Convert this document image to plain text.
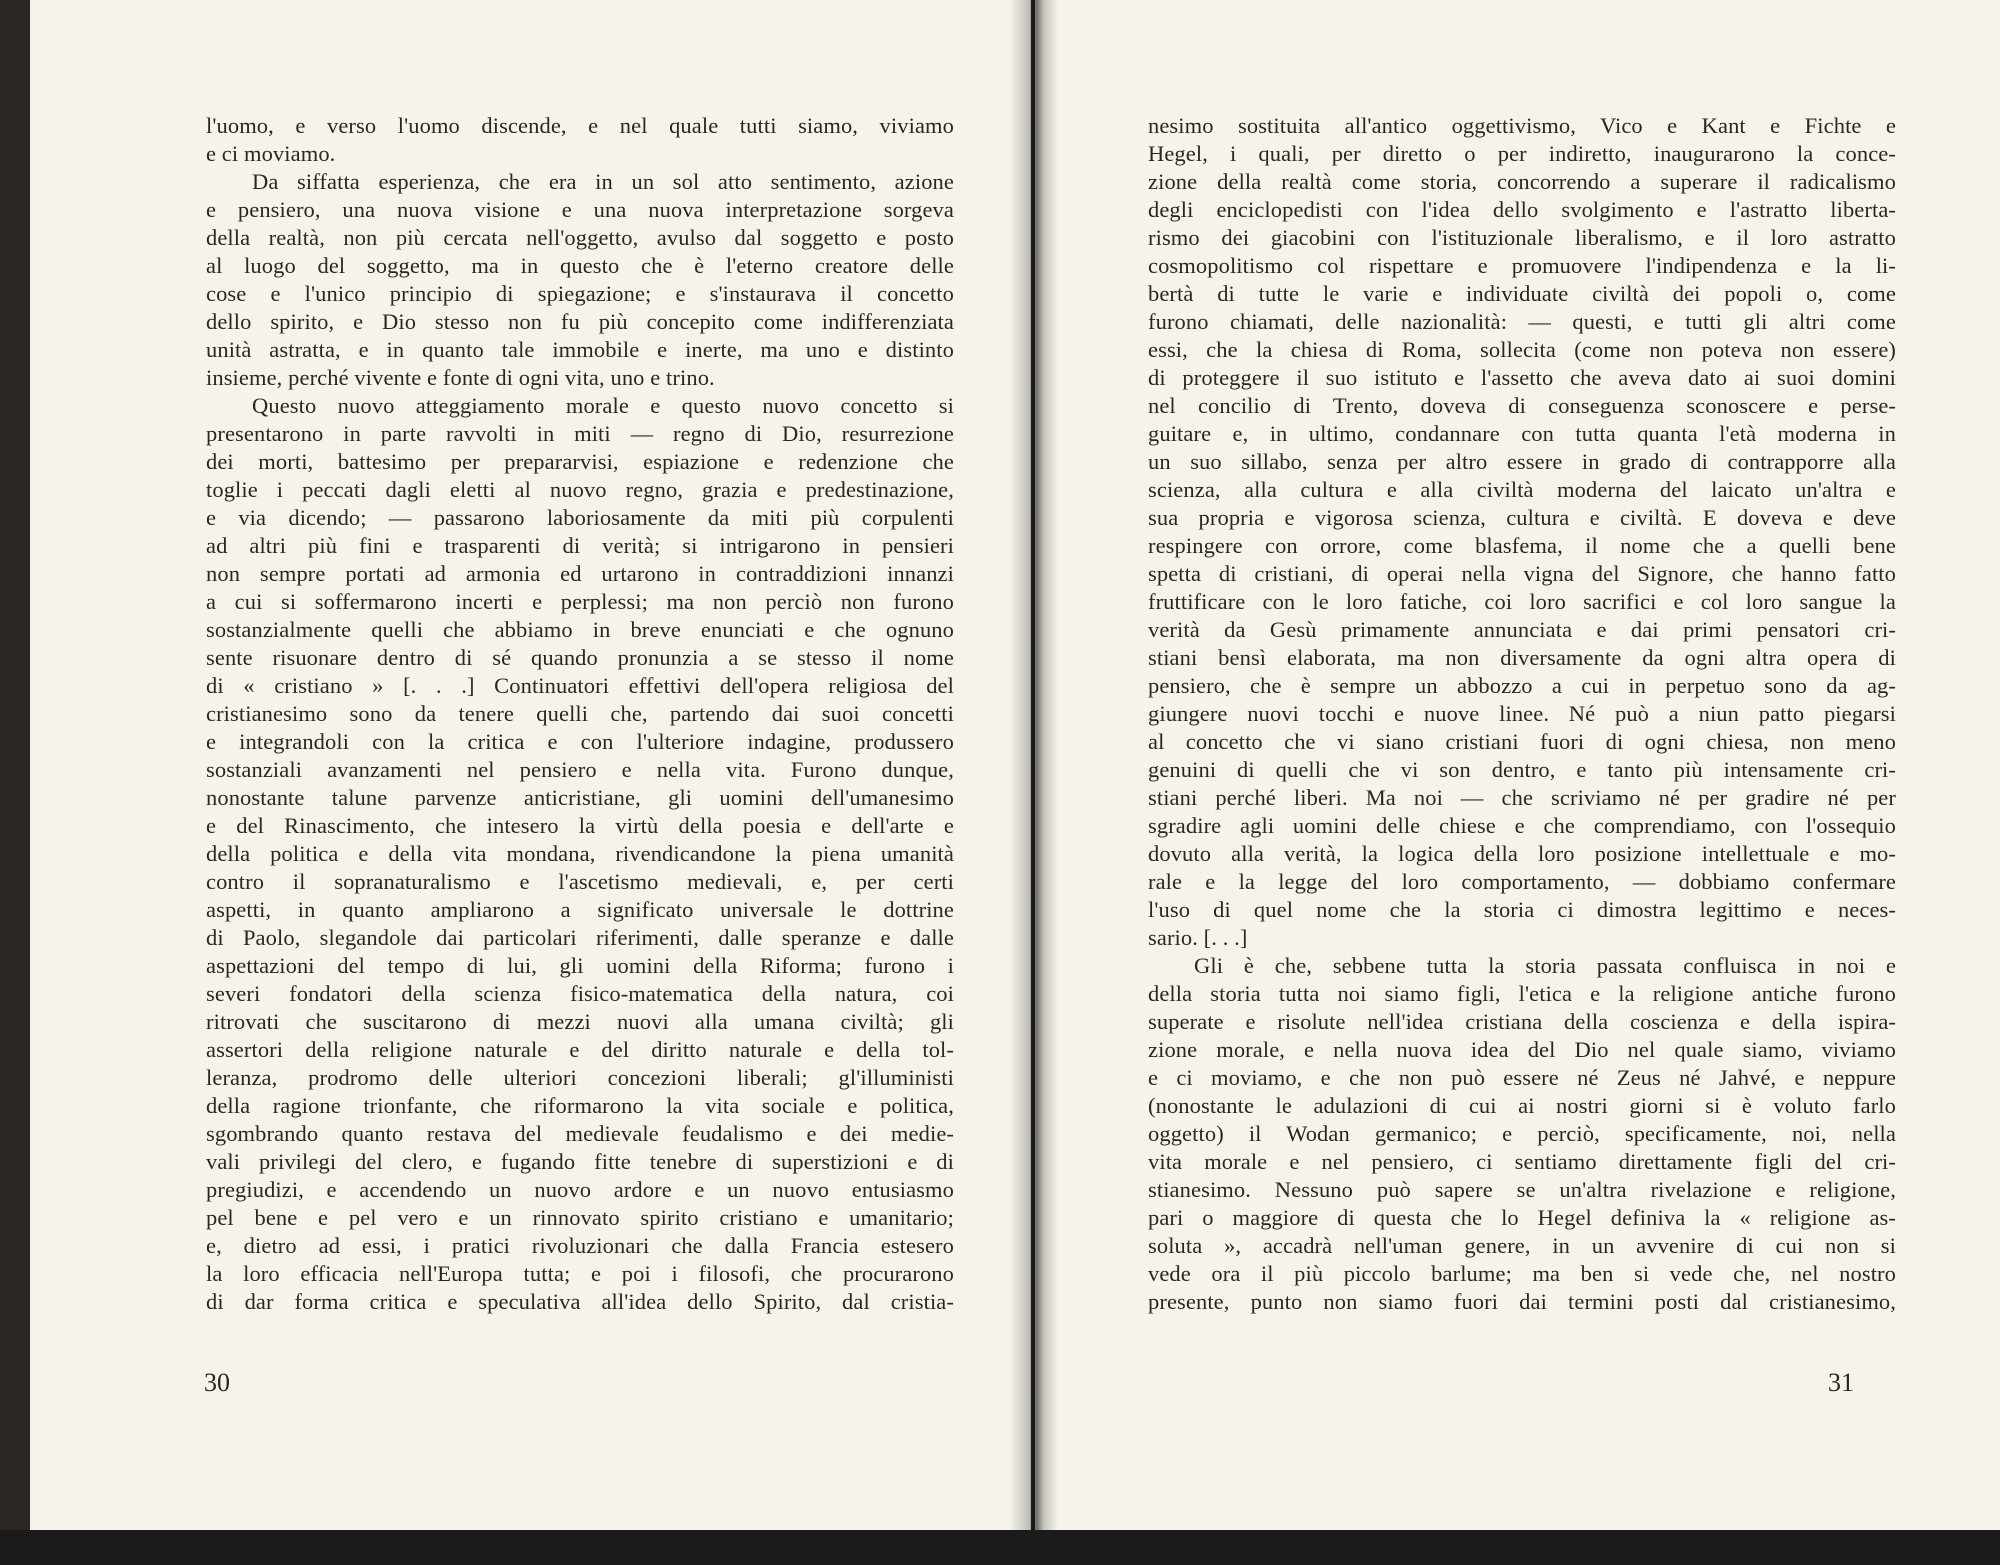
l'uomo, e verso l'uomo discende, e nel quale tutti siamo, viviamo
e ci moviamo.
Da siffatta esperienza, che era in un sol atto sentimento, azione
e pensiero, una nuova visione e una nuova interpretazione sorgeva
della realtà, non più cercata nell'oggetto, avulso dal soggetto e posto
al luogo del soggetto, ma in questo che è l'eterno creatore delle
cose e l'unico principio di spiegazione; e s'instaurava il concetto
dello spirito, e Dio stesso non fu più concepito come indifferenziata
unità astratta, e in quanto tale immobile e inerte, ma uno e distinto
insieme, perché vivente e fonte di ogni vita, uno e trino.
Questo nuovo atteggiamento morale e questo nuovo concetto si
presentarono in parte ravvolti in miti — regno di Dio, resurrezione
dei morti, battesimo per prepararvisi, espiazione e redenzione che
toglie i peccati dagli eletti al nuovo regno, grazia e predestinazione,
e via dicendo; — passarono laboriosamente da miti più corpulenti
ad altri più fini e trasparenti di verità; si intrigarono in pensieri
non sempre portati ad armonia ed urtarono in contraddizioni innanzi
a cui si soffermarono incerti e perplessi; ma non perciò non furono
sostanzialmente quelli che abbiamo in breve enunciati e che ognuno
sente risuonare dentro di sé quando pronunzia a se stesso il nome
di « cristiano » [. . .] Continuatori effettivi dell'opera religiosa del
cristianesimo sono da tenere quelli che, partendo dai suoi concetti
e integrandoli con la critica e con l'ulteriore indagine, produssero
sostanziali avanzamenti nel pensiero e nella vita. Furono dunque,
nonostante talune parvenze anticristiane, gli uomini dell'umanesimo
e del Rinascimento, che intesero la virtù della poesia e dell'arte e
della politica e della vita mondana, rivendicandone la piena umanità
contro il sopranaturalismo e l'ascetismo medievali, e, per certi
aspetti, in quanto ampliarono a significato universale le dottrine
di Paolo, slegandole dai particolari riferimenti, dalle speranze e dalle
aspettazioni del tempo di lui, gli uomini della Riforma; furono i
severi fondatori della scienza fisico-matematica della natura, coi
ritrovati che suscitarono di mezzi nuovi alla umana civiltà; gli
assertori della religione naturale e del diritto naturale e della tol-
leranza, prodromo delle ulteriori concezioni liberali; gl'illuministi
della ragione trionfante, che riformarono la vita sociale e politica,
sgombrando quanto restava del medievale feudalismo e dei medie-
vali privilegi del clero, e fugando fitte tenebre di superstizioni e di
pregiudizi, e accendendo un nuovo ardore e un nuovo entusiasmo
pel bene e pel vero e un rinnovato spirito cristiano e umanitario;
e, dietro ad essi, i pratici rivoluzionari che dalla Francia estesero
la loro efficacia nell'Europa tutta; e poi i filosofi, che procurarono
di dar forma critica e speculativa all'idea dello Spirito, dal cristia-
30
nesimo sostituita all'antico oggettivismo, Vico e Kant e Fichte e
Hegel, i quali, per diretto o per indiretto, inaugurarono la conce-
zione della realtà come storia, concorrendo a superare il radicalismo
degli enciclopedisti con l'idea dello svolgimento e l'astratto liberta-
rismo dei giacobini con l'istituzionale liberalismo, e il loro astratto
cosmopolitismo col rispettare e promuovere l'indipendenza e la li-
bertà di tutte le varie e individuate civiltà dei popoli o, come
furono chiamati, delle nazionalità: — questi, e tutti gli altri come
essi, che la chiesa di Roma, sollecita (come non poteva non essere)
di proteggere il suo istituto e l'assetto che aveva dato ai suoi domini
nel concilio di Trento, doveva di conseguenza sconoscere e perse-
guitare e, in ultimo, condannare con tutta quanta l'età moderna in
un suo sillabo, senza per altro essere in grado di contrapporre alla
scienza, alla cultura e alla civiltà moderna del laicato un'altra e
sua propria e vigorosa scienza, cultura e civiltà. E doveva e deve
respingere con orrore, come blasfema, il nome che a quelli bene
spetta di cristiani, di operai nella vigna del Signore, che hanno fatto
fruttificare con le loro fatiche, coi loro sacrifici e col loro sangue la
verità da Gesù primamente annunciata e dai primi pensatori cri-
stiani bensì elaborata, ma non diversamente da ogni altra opera di
pensiero, che è sempre un abbozzo a cui in perpetuo sono da ag-
giungere nuovi tocchi e nuove linee. Né può a niun patto piegarsi
al concetto che vi siano cristiani fuori di ogni chiesa, non meno
genuini di quelli che vi son dentro, e tanto più intensamente cri-
stiani perché liberi. Ma noi — che scriviamo né per gradire né per
sgradire agli uomini delle chiese e che comprendiamo, con l'ossequio
dovuto alla verità, la logica della loro posizione intellettuale e mo-
rale e la legge del loro comportamento, — dobbiamo confermare
l'uso di quel nome che la storia ci dimostra legittimo e neces-
sario. [. . .]
Gli è che, sebbene tutta la storia passata confluisca in noi e
della storia tutta noi siamo figli, l'etica e la religione antiche furono
superate e risolute nell'idea cristiana della coscienza e della ispira-
zione morale, e nella nuova idea del Dio nel quale siamo, viviamo
e ci moviamo, e che non può essere né Zeus né Jahvé, e neppure
(nonostante le adulazioni di cui ai nostri giorni si è voluto farlo
oggetto) il Wodan germanico; e perciò, specificamente, noi, nella
vita morale e nel pensiero, ci sentiamo direttamente figli del cri-
stianesimo. Nessuno può sapere se un'altra rivelazione e religione,
pari o maggiore di questa che lo Hegel definiva la « religione as-
soluta », accadrà nell'uman genere, in un avvenire di cui non si
vede ora il più piccolo barlume; ma ben si vede che, nel nostro
presente, punto non siamo fuori dai termini posti dal cristianesimo,
31
